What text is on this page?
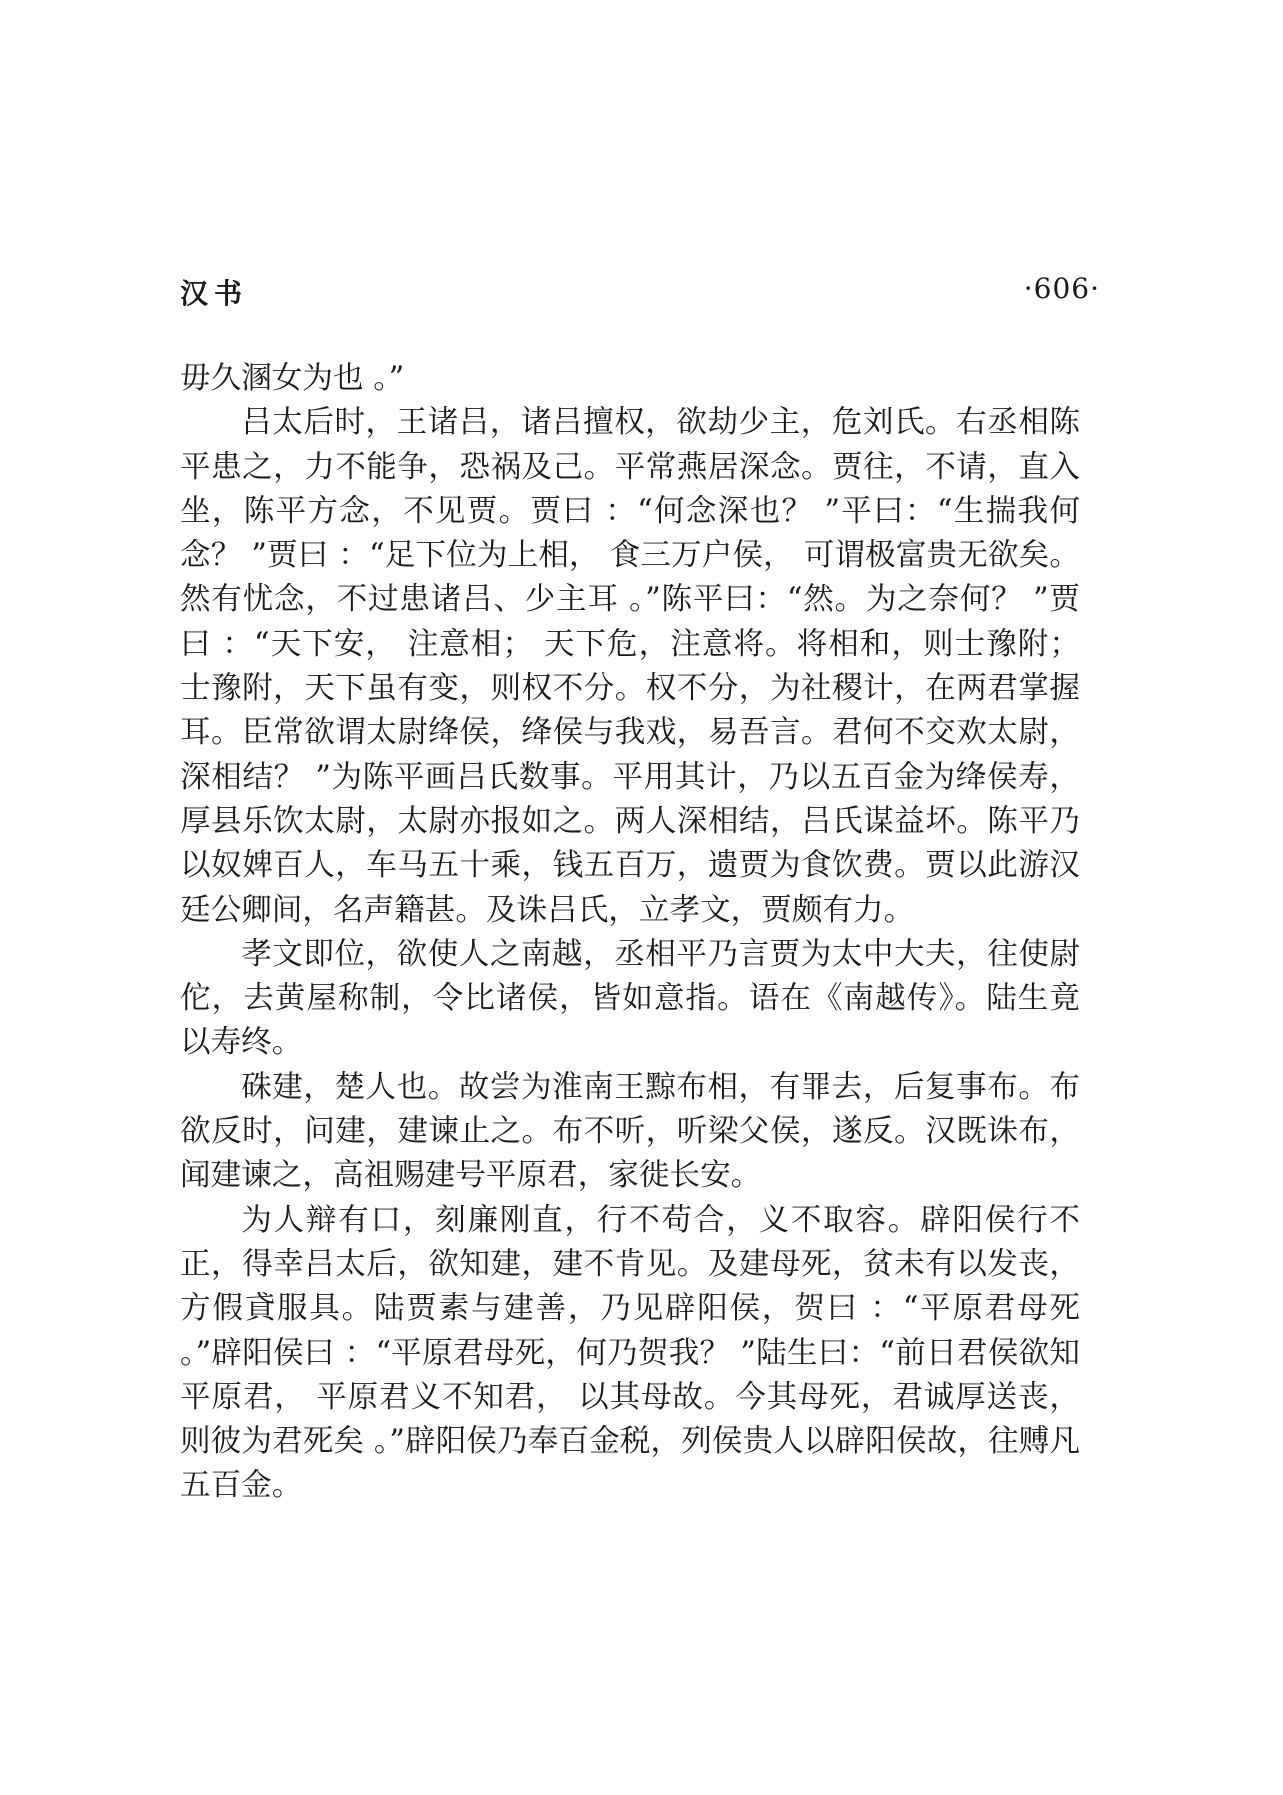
汉书	·606·

毋久溷女为也 。”

吕太后时，王诸吕，诸吕擅权，欲劫少主，危刘氏。右丞相陈平患之，力不能争，恐祸及己。平常燕居深念。贾往，不请，直入坐，陈平方念，不见贾。贾曰 ：“何念深也？ ”平曰：“生揣我何念？ ”贾曰 ：“足下位为上相， 食三万户侯， 可谓极富贵无欲矣。然有忧念，不过患诸吕、少主耳 。”陈平曰：“然。为之奈何？ ”贾曰 ：“天下安， 注意相； 天下危，注意将。将相和，则士豫附；士豫附，天下虽有变，则权不分。权不分，为社稷计，在两君掌握耳。臣常欲谓太尉绛侯，绛侯与我戏，易吾言。君何不交欢太尉，深相结？ ”为陈平画吕氏数事。平用其计，乃以五百金为绛侯寿，厚县乐饮太尉，太尉亦报如之。两人深相结，吕氏谋益坏。陈平乃以奴婢百人，车马五十乘，钱五百万，遗贾为食饮费。贾以此游汉廷公卿间，名声籍甚。及诛吕氏，立孝文，贾颇有力。

孝文即位，欲使人之南越，丞相平乃言贾为太中大夫，往使尉佗，去黄屋称制，令比诸侯，皆如意指。语在《南越传》。陆生竟以寿终。

硃建，楚人也。故尝为淮南王黥布相，有罪去，后复事布。布欲反时，问建，建谏止之。布不听，听梁父侯，遂反。汉既诛布，闻建谏之，高祖赐建号平原君，家徙长安。

为人辩有口，刻廉刚直，行不苟合，义不取容。辟阳侯行不正，得幸吕太后，欲知建，建不肯见。及建母死，贫未有以发丧，方假貣服具。陆贾素与建善，乃见辟阳侯，贺曰 ：“平原君母死 。”辟阳侯曰 ：“平原君母死，何乃贺我？ ”陆生曰：“前日君侯欲知平原君， 平原君义不知君， 以其母故。今其母死，君诚厚送丧，则彼为君死矣 。”辟阳侯乃奉百金税，列侯贵人以辟阳侯故，往赙凡五百金。
